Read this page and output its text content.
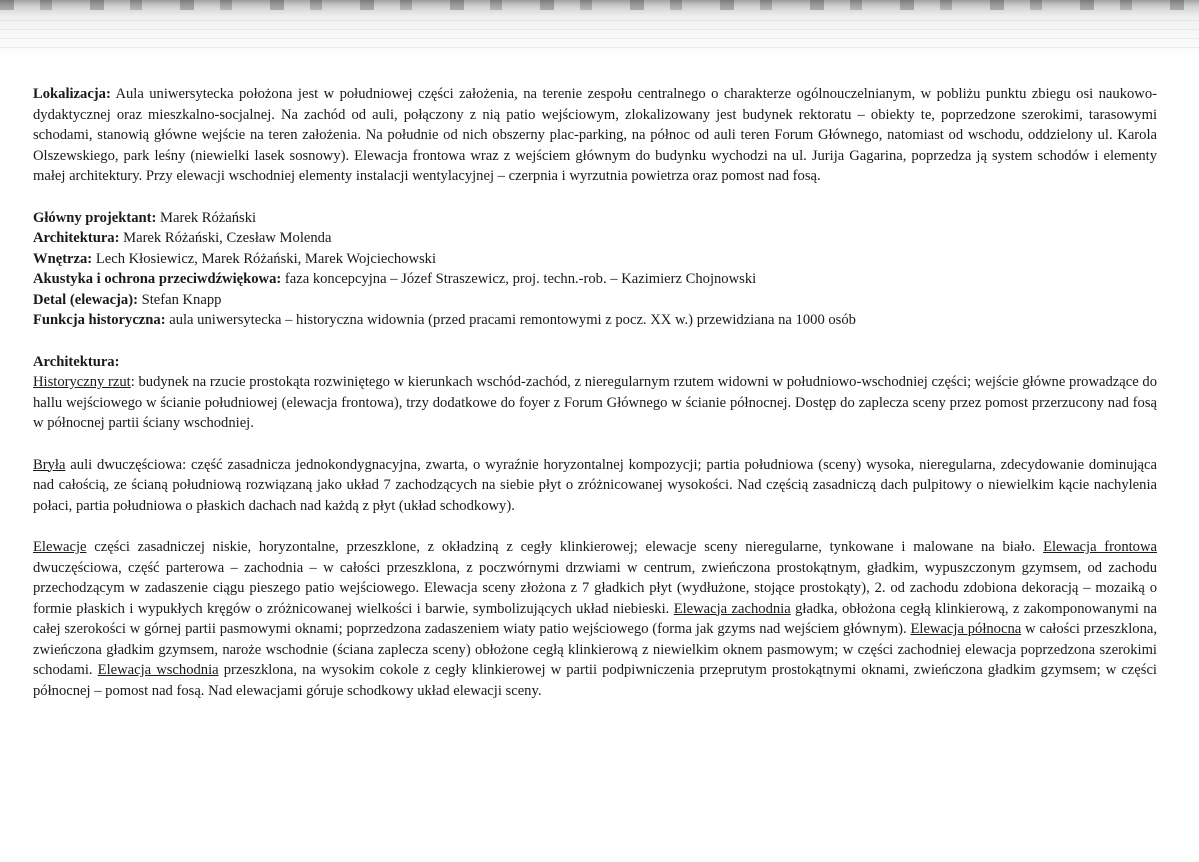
Lokalizacja: Aula uniwersytecka położona jest w południowej części założenia, na terenie zespołu centralnego o charakterze ogólnouczelnianym, w pobliżu punktu zbiegu osi naukowo-dydaktycznej oraz mieszkalno-socjalnej. Na zachód od auli, połączony z nią patio wejściowym, zlokalizowany jest budynek rektoratu – obiekty te, poprzedzone szerokimi, tarasowymi schodami, stanowią główne wejście na teren założenia. Na południe od nich obszerny plac-parking, na północ od auli teren Forum Głównego, natomiast od wschodu, oddzielony ul. Karola Olszewskiego, park leśny (niewielki lasek sosnowy). Elewacja frontowa wraz z wejściem głównym do budynku wychodzi na ul. Jurija Gagarina, poprzedza ją system schodów i elementy małej architektury. Przy elewacji wschodniej elementy instalacji wentylacyjnej – czerpnia i wyrzutnia powietrza oraz pomost nad fosą.

Główny projektant: Marek Różański
Architektura: Marek Różański, Czesław Molenda
Wnętrza: Lech Kłosiewicz, Marek Różański, Marek Wojciechowski
Akustyka i ochrona przeciwdźwiękowa: faza koncepcyjna – Józef Straszewicz, proj. techn.-rob. – Kazimierz Chojnowski
Detal (elewacja): Stefan Knapp
Funkcja historyczna: aula uniwersytecka – historyczna widownia (przed pracami remontowymi z pocz. XX w.) przewidziana na 1000 osób
Architektura:

Historyczny rzut: budynek na rzucie prostokąta rozwiniętego w kierunkach wschód-zachód, z nieregularnym rzutem widowni w południowo-wschodniej części; wejście główne prowadzące do hallu wejściowego w ścianie południowej (elewacja frontowa), trzy dodatkowe do foyer z Forum Głównego w ścianie północnej. Dostęp do zaplecza sceny przez pomost przerzucony nad fosą w północnej partii ściany wschodniej.

Bryła auli dwuczęściowa: część zasadnicza jednokondygnacyjna, zwarta, o wyraźnie horyzontalnej kompozycji; partia południowa (sceny) wysoka, nieregularna, zdecydowanie dominująca nad całością, ze ścianą południową rozwiązaną jako układ 7 zachodzących na siebie płyt o zróżnicowanej wysokości. Nad częścią zasadniczą dach pulpitowy o niewielkim kącie nachylenia połaci, partia południowa o płaskich dachach nad każdą z płyt (układ schodkowy).

Elewacje części zasadniczej niskie, horyzontalne, przeszklone, z okładziną z cegły klinkierowej; elewacje sceny nieregularne, tynkowane i malowane na biało. Elewacja frontowa dwuczęściowa, część parterowa – zachodnia – w całości przeszklona, z poczwórnymi drzwiami w centrum, zwieńczona prostokątnym, gładkim, wypuszczonym gzymsem, od zachodu przechodzącym w zadaszenie ciągu pieszego patio wejściowego. Elewacja sceny złożona z 7 gładkich płyt (wydłużone, stojące prostokąty), 2. od zachodu zdobiona dekoracją – mozaiką o formie płaskich i wypukłych kręgów o zróżnicowanej wielkości i barwie, symbolizujących układ niebieski. Elewacja zachodnia gładka, obłożona cegłą klinkierową, z zakomponowanymi na całej szerokości w górnej partii pasmowymi oknami; poprzedzona zadaszeniem wiaty patio wejściowego (forma jak gzyms nad wejściem głównym). Elewacja północna w całości przeszklona, zwieńczona gładkim gzymsem, naroże wschodnie (ściana zaplecza sceny) obłożone cegłą klinkierową z niewielkim oknem pasmowym; w części zachodniej elewacja poprzedzona szerokimi schodami. Elewacja wschodnia przeszklona, na wysokim cokole z cegły klinkierowej w partii podpiwniczenia przeprutym prostokątnymi oknami, zwieńczona gładkim gzymsem; w części północnej – pomost nad fosą. Nad elewacjami góruje schodkowy układ elewacji sceny.
